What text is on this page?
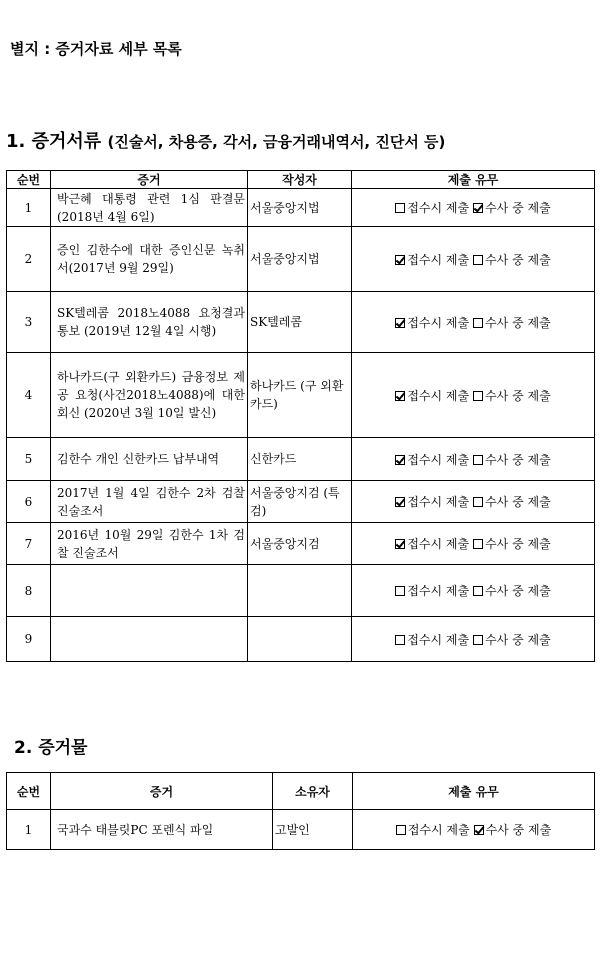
별지 : 증거자료 세부 목록
1. 증거서류 (진술서, 차용증, 각서, 금융거래내역서, 진단서 등)
순번	증거	작성자	제출 유무
1	박근혜 대통령 관련 1심 판결문(2018년 4월 6일)	서울중앙지법	접수시 제출 수사 중 제출
2	증인 김한수에 대한 증인신문 녹취서(2017년 9월 29일)	서울중앙지법	접수시 제출 수사 중 제출
3	SK텔레콤 2018노4088 요청결과 통보 (2019년 12월 4일 시행)	SK텔레콤	접수시 제출 수사 중 제출
4	하나카드(구 외환카드) 금융정보 제공 요청(사건2018노4088)에 대한 회신 (2020년 3월 10일 발신)	하나카드 (구 외환카드)	접수시 제출 수사 중 제출
5	김한수 개인 신한카드 납부내역	신한카드	접수시 제출 수사 중 제출
6	2017년 1월 4일 김한수 2차 검찰 진술조서	서울중앙지검 (특검)	접수시 제출 수사 중 제출
7	2016년 10월 29일 김한수 1차 검찰 진술조서	서울중앙지검	접수시 제출 수사 중 제출
8			접수시 제출 수사 중 제출
9			접수시 제출 수사 중 제출
2. 증거물
순번	증거	소유자	제출 유무
1	국과수 태블릿PC 포렌식 파일	고발인	접수시 제출 수사 중 제출
